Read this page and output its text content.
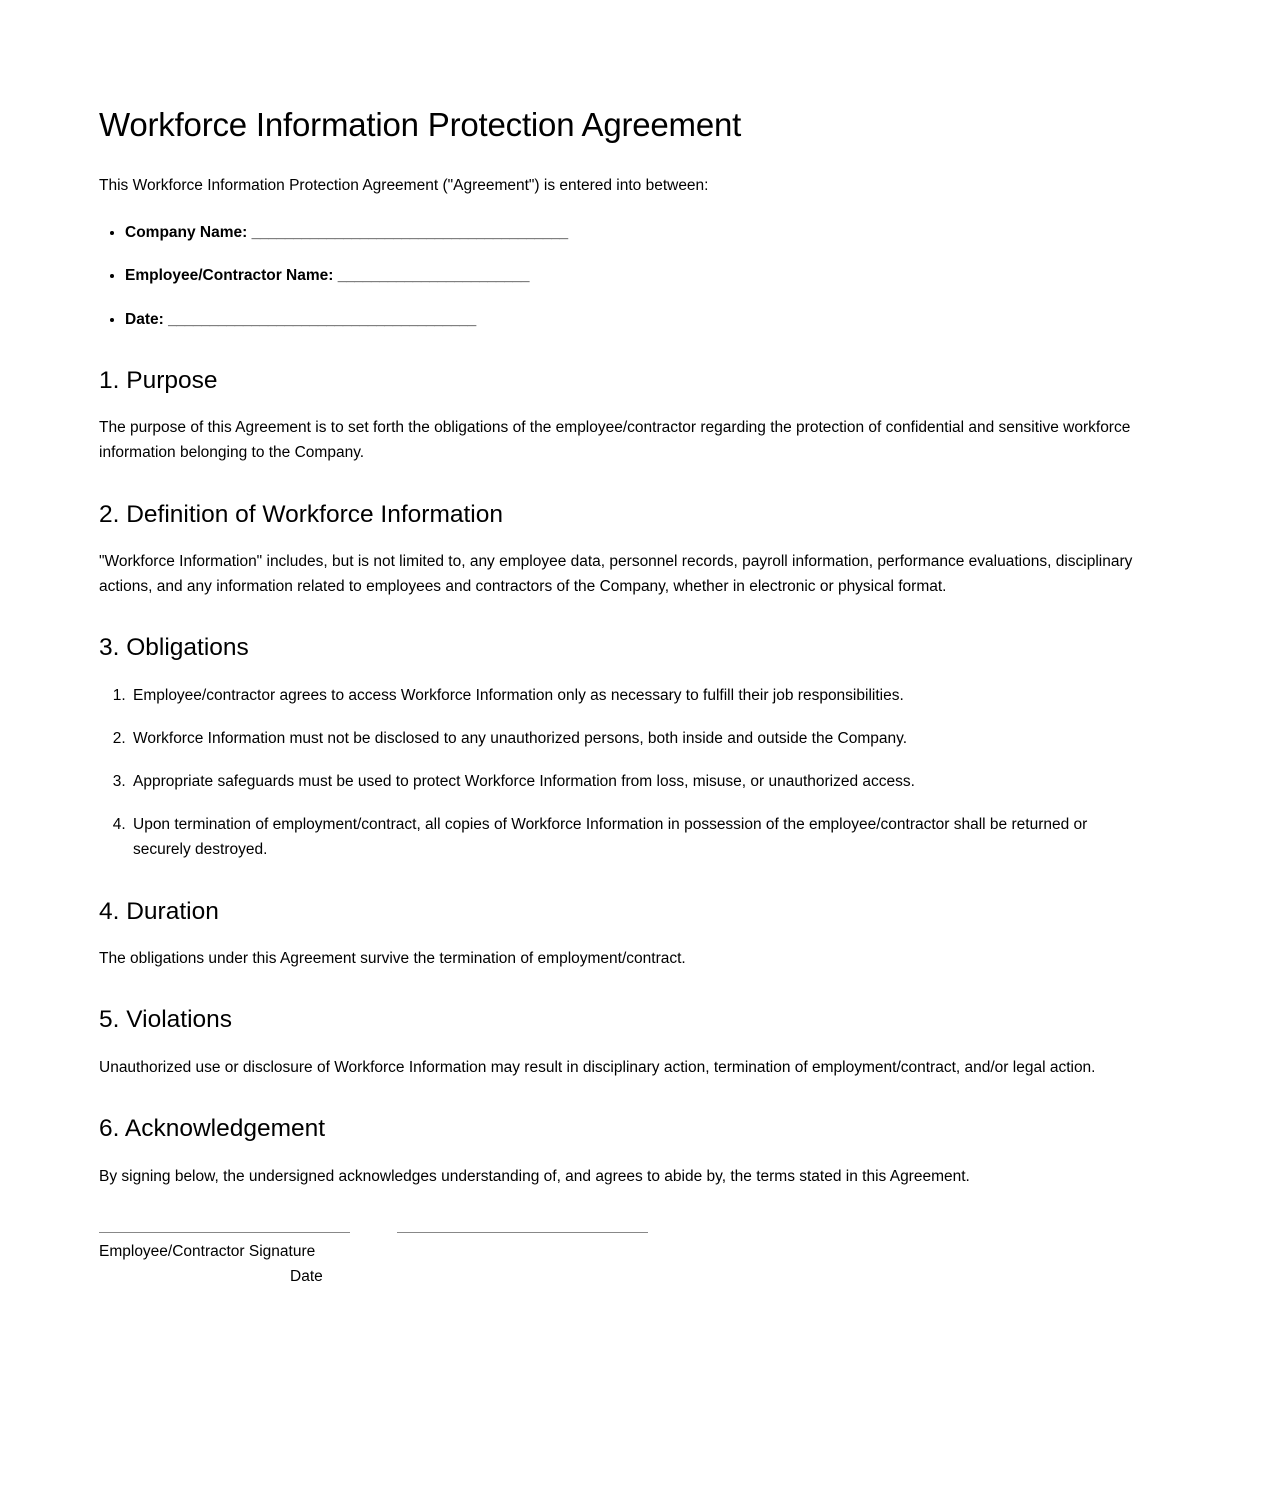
Workforce Information Protection Agreement

This Workforce Information Protection Agreement ("Agreement") is entered into between:

• Company Name: ______________________________________
• Employee/Contractor Name: _______________________
• Date: _____________________________________
1. Purpose

The purpose of this Agreement is to set forth the obligations of the employee/contractor regarding the protection of confidential and sensitive workforce information belonging to the Company.

2. Definition of Workforce Information

"Workforce Information" includes, but is not limited to, any employee data, personnel records, payroll information, performance evaluations, disciplinary actions, and any information related to employees and contractors of the Company, whether in electronic or physical format.

3. Obligations
1. Employee/contractor agrees to access Workforce Information only as necessary to fulfill their job responsibilities.
2. Workforce Information must not be disclosed to any unauthorized persons, both inside and outside the Company.
3. Appropriate safeguards must be used to protect Workforce Information from loss, misuse, or unauthorized access.
4. Upon termination of employment/contract, all copies of Workforce Information in possession of the employee/contractor shall be returned or securely destroyed.
4. Duration

The obligations under this Agreement survive the termination of employment/contract.

5. Violations

Unauthorized use or disclosure of Workforce Information may result in disciplinary action, termination of employment/contract, and/or legal action.

6. Acknowledgement

By signing below, the undersigned acknowledges understanding of, and agrees to abide by, the terms stated in this Agreement.

Employee/Contractor Signature
Date
